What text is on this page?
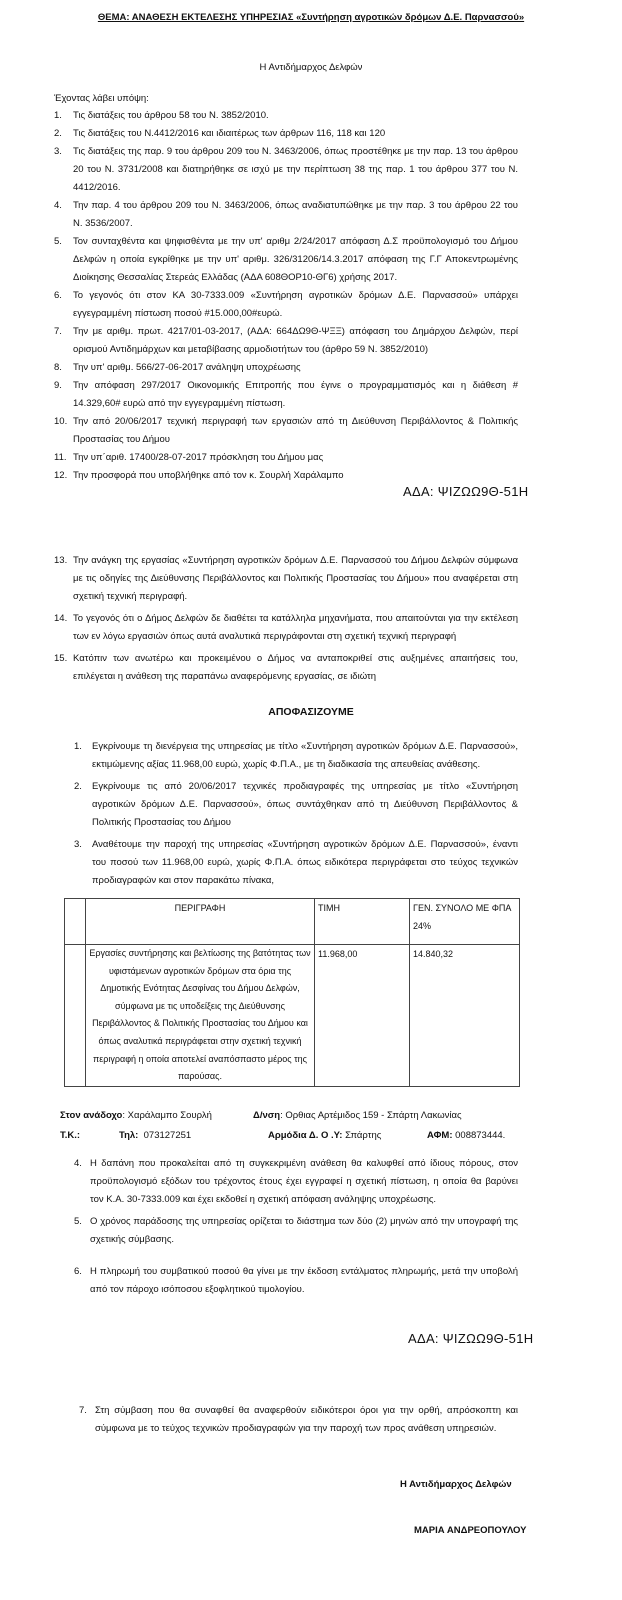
ΘΕΜΑ: ΑΝΑΘΕΣΗ ΕΚΤΕΛΕΣΗΣ ΥΠΗΡΕΣΙΑΣ «Συντήρηση αγροτικών δρόμων Δ.Ε. Παρνασσού»
Η Αντιδήμαρχος Δελφών
Έχοντας λάβει υπόψη:
1. Τις διατάξεις του άρθρου 58 του Ν. 3852/2010.
2. Τις διατάξεις του Ν.4412/2016 και ιδιαιτέρως των άρθρων 116, 118 και 120
3. Τις διατάξεις της παρ. 9 του άρθρου 209 του Ν. 3463/2006, όπως προστέθηκε με την παρ. 13 του άρθρου 20 του Ν. 3731/2008 και διατηρήθηκε σε ισχύ με την περίπτωση 38 της παρ. 1 του άρθρου 377 του Ν. 4412/2016.
4. Την παρ. 4 του άρθρου 209 του Ν. 3463/2006, όπως αναδιατυπώθηκε με την παρ. 3 του άρθρου 22 του Ν. 3536/2007.
5. Τον συνταχθέντα και ψηφισθέντα με την υπ' αριθμ 2/24/2017 απόφαση Δ.Σ προϋπολογισμό του Δήμου Δελφών η οποία εγκρίθηκε με την υπ' αριθμ. 326/31206/14.3.2017 απόφαση της Γ.Γ Αποκεντρωμένης Διοίκησης Θεσσαλίας Στερεάς Ελλάδας (ΑΔΑ 608ΘΟΡ10-ΘΓ6) χρήσης 2017.
6. Το γεγονός ότι στον ΚΑ 30-7333.009 «Συντήρηση αγροτικών δρόμων Δ.Ε. Παρνασσού» υπάρχει εγγεγραμμένη πίστωση ποσού #15.000,00#ευρώ.
7. Την με αριθμ. πρωτ. 4217/01-03-2017, (ΑΔΑ: 664ΔΩ9Θ-ΨΞΞ) απόφαση του Δημάρχου Δελφών, περί ορισμού Αντιδημάρχων και μεταβίβασης αρμοδιοτήτων του (άρθρο 59 Ν. 3852/2010)
8. Την υπ' αριθμ. 566/27-06-2017 ανάληψη υποχρέωσης
9. Την απόφαση 297/2017 Οικονομικής Επιτροπής που έγινε ο προγραμματισμός και η διάθεση # 14.329,60# ευρώ από την εγγεγραμμένη πίστωση.
10. Την από 20/06/2017 τεχνική περιγραφή των εργασιών από τη Διεύθυνση Περιβάλλοντος & Πολιτικής Προστασίας του Δήμου
11. Την υπ΄αριθ. 17400/28-07-2017 πρόσκληση του Δήμου μας
12. Την προσφορά που υποβλήθηκε από τον κ. Σουρλή Χαράλαμπο
ΑΔΑ: ΨΙΖΩΩ9Θ-51Η
13. Την ανάγκη της εργασίας «Συντήρηση αγροτικών δρόμων Δ.Ε. Παρνασσού του Δήμου Δελφών σύμφωνα με τις οδηγίες της Διεύθυνσης Περιβάλλοντος και Πολιτικής Προστασίας του Δήμου» που αναφέρεται στη σχετική τεχνική περιγραφή.
14. Το γεγονός ότι ο Δήμος Δελφών δε διαθέτει τα κατάλληλα μηχανήματα, που απαιτούνται για την εκτέλεση των εν λόγω εργασιών όπως αυτά αναλυτικά περιγράφονται στη σχετική τεχνική περιγραφή
15. Κατόπιν των ανωτέρω και προκειμένου ο Δήμος να ανταποκριθεί στις αυξημένες απαιτήσεις του, επιλέγεται η ανάθεση της παραπάνω αναφερόμενης εργασίας, σε ιδιώτη
ΑΠΟΦΑΣΙΖΟΥΜΕ
1. Εγκρίνουμε τη διενέργεια της υπηρεσίας με τίτλο «Συντήρηση αγροτικών δρόμων Δ.Ε. Παρνασσού», εκτιμώμενης αξίας 11.968,00 ευρώ, χωρίς Φ.Π.Α., με τη διαδικασία της απευθείας ανάθεσης.
2. Εγκρίνουμε τις από 20/06/2017 τεχνικές προδιαγραφές της υπηρεσίας με τίτλο «Συντήρηση αγροτικών δρόμων Δ.Ε. Παρνασσού», όπως συντάχθηκαν από τη Διεύθυνση Περιβάλλοντος & Πολιτικής Προστασίας του Δήμου
3. Αναθέτουμε την παροχή της υπηρεσίας «Συντήρηση αγροτικών δρόμων Δ.Ε. Παρνασσού», έναντι του ποσού των 11.968,00 ευρώ, χωρίς Φ.Π.Α. όπως ειδικότερα περιγράφεται στο τεύχος τεχνικών προδιαγραφών και στον παρακάτω πίνακα,
	ΠΕΡΙΓΡΑΦΗ	ΤΙΜΗ	ΓΕΝ. ΣΥΝΟΛΟ ΜΕ ΦΠΑ 24%
	Εργασίες συντήρησης και βελτίωσης της βατότητας των υφιστάμενων αγροτικών δρόμων στα όρια της Δημοτικής Ενότητας Δεσφίνας του Δήμου Δελφών, σύμφωνα με τις υποδείξεις της Διεύθυνσης Περιβάλλοντος & Πολιτικής Προστασίας του Δήμου και όπως αναλυτικά περιγράφεται στην σχετική τεχνική περιγραφή η οποία αποτελεί αναπόσπαστο μέρος της παρούσας.	11.968,00	14.840,32
Στον ανάδοχο: Χαράλαμπο Σουρλή	Δ/νση: Ορθιας Αρτέμιδος 159 - Σπάρτη Λακωνίας
Τ.Κ.:	Τηλ: 073127251	Αρμόδια Δ. Ο .Υ: Σπάρτης	ΑΦΜ: 008873444.
4. Η δαπάνη που προκαλείται από τη συγκεκριμένη ανάθεση θα καλυφθεί από ίδιους πόρους, στον προϋπολογισμό εξόδων του τρέχοντος έτους έχει εγγραφεί η σχετική πίστωση, η οποία θα βαρύνει τον Κ.Α. 30-7333.009 και έχει εκδοθεί η σχετική απόφαση ανάληψης υποχρέωσης.
5. Ο χρόνος παράδοσης της υπηρεσίας ορίζεται το διάστημα των δύο (2) μηνών από την υπογραφή της σχετικής σύμβασης.
6. Η πληρωμή του συμβατικού ποσού θα γίνει με την έκδοση εντάλματος πληρωμής, μετά την υποβολή από τον πάροχο ισόποσου εξοφλητικού τιμολογίου.
ΑΔΑ: ΨΙΖΩΩ9Θ-51Η
7. Στη σύμβαση που θα συναφθεί θα αναφερθούν ειδικότεροι όροι για την ορθή, απρόσκοπτη και σύμφωνα με το τεύχος τεχνικών προδιαγραφών για την παροχή των προς ανάθεση υπηρεσιών.
Η Αντιδήμαρχος Δελφών
ΜΑΡΙΑ ΑΝΔΡΕΟΠΟΥΛΟΥ
